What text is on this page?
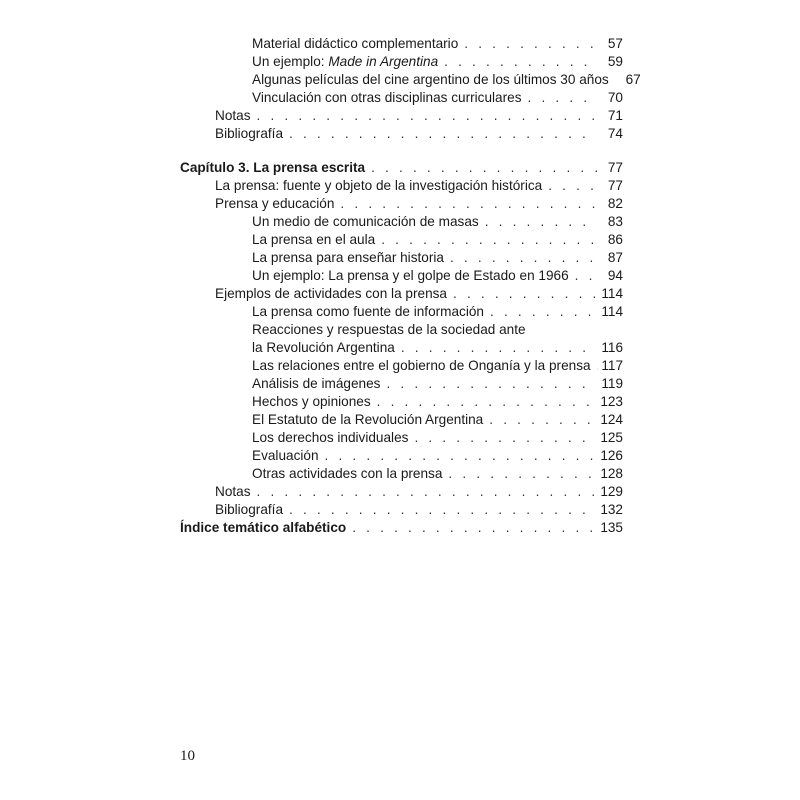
Material didáctico complementario . . .	57
Un ejemplo: Made in Argentina . . .	59
Algunas películas del cine argentino de los últimos 30 años	67
Vinculación con otras disciplinas curriculares . . .	70
Notas . . .	71
Bibliografía . . .	74
Capítulo 3. La prensa escrita . . .	77
La prensa: fuente y objeto de la investigación histórica . . .	77
Prensa y educación . . .	82
Un medio de comunicación de masas . . .	83
La prensa en el aula . . .	86
La prensa para enseñar historia . . .	87
Un ejemplo: La prensa y el golpe de Estado en 1966 . . .	94
Ejemplos de actividades con la prensa . . .	114
La prensa como fuente de información . . .	114
Reacciones y respuestas de la sociedad ante
la Revolución Argentina . . .	116
Las relaciones entre el gobierno de Onganía y la prensa . . . 117
Análisis de imágenes . . .	119
Hechos y opiniones . . .	123
El Estatuto de la Revolución Argentina . . .	124
Los derechos individuales . . .	125
Evaluación . . .	126
Otras actividades con la prensa . . .	128
Notas . . .	129
Bibliografía . . .	132
Índice temático alfabético . . .	135
10
